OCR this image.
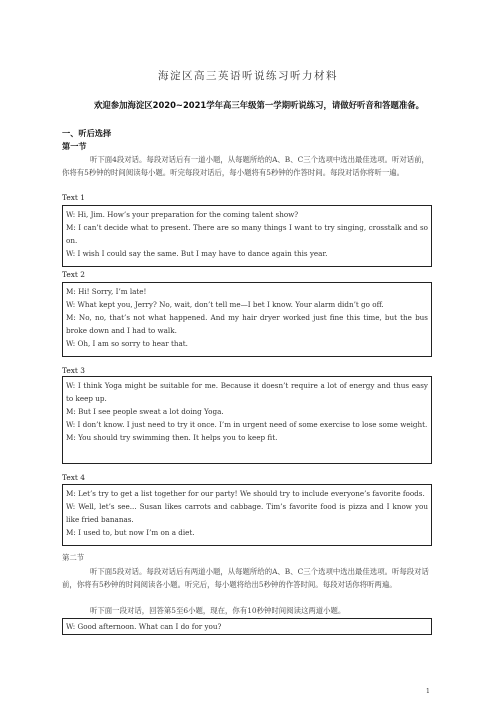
海淀区高三英语听说练习听力材料
欢迎参加海淀区2020~2021学年高三年级第一学期听说练习，请做好听音和答题准备。
一、听后选择
第一节
听下面4段对话。每段对话后有一道小题，从每题所给的A、B、C三个选项中选出最佳选项。听对话前，你将有5秒钟的时间阅读每小题。听完每段对话后，每小题将有5秒钟的作答时间。每段对话你将听一遍。
Text 1
W: Hi, Jim. How’s your preparation for the coming talent show?
M: I can’t decide what to present. There are so many things I want to try singing, crosstalk and so on.
W: I wish I could say the same. But I may have to dance again this year.
Text 2
M: Hi! Sorry, I’m late!
W: What kept you, Jerry? No, wait, don’t tell me—I bet I know. Your alarm didn’t go off.
M: No, no, that’s not what happened. And my hair dryer worked just fine this time, but the bus broke down and I had to walk.
W: Oh, I am so sorry to hear that.
Text 3
W: I think Yoga might be suitable for me. Because it doesn’t require a lot of energy and thus easy to keep up.
M: But I see people sweat a lot doing Yoga.
W: I don’t know. I just need to try it once. I’m in urgent need of some exercise to lose some weight.
M: You should try swimming then. It helps you to keep fit.
Text 4
M: Let’s try to get a list together for our party! We should try to include everyone’s favorite foods.
W: Well, let’s see... Susan likes carrots and cabbage. Tim’s favorite food is pizza and I know you like fried bananas.
M: I used to, but now I’m on a diet.
第二节
听下面5段对话。每段对话后有两道小题，从每题所给的A、B、C三个选项中选出最佳选项。听每段对话前，你将有5秒钟的时间阅读各小题。听完后，每小题将给出5秒钟的作答时间。每段对话你将听两遍。
听下面一段对话，回答第5至6小题，现在，你有10秒钟时间阅读这两道小题。
W: Good afternoon. What can I do for you?
1
